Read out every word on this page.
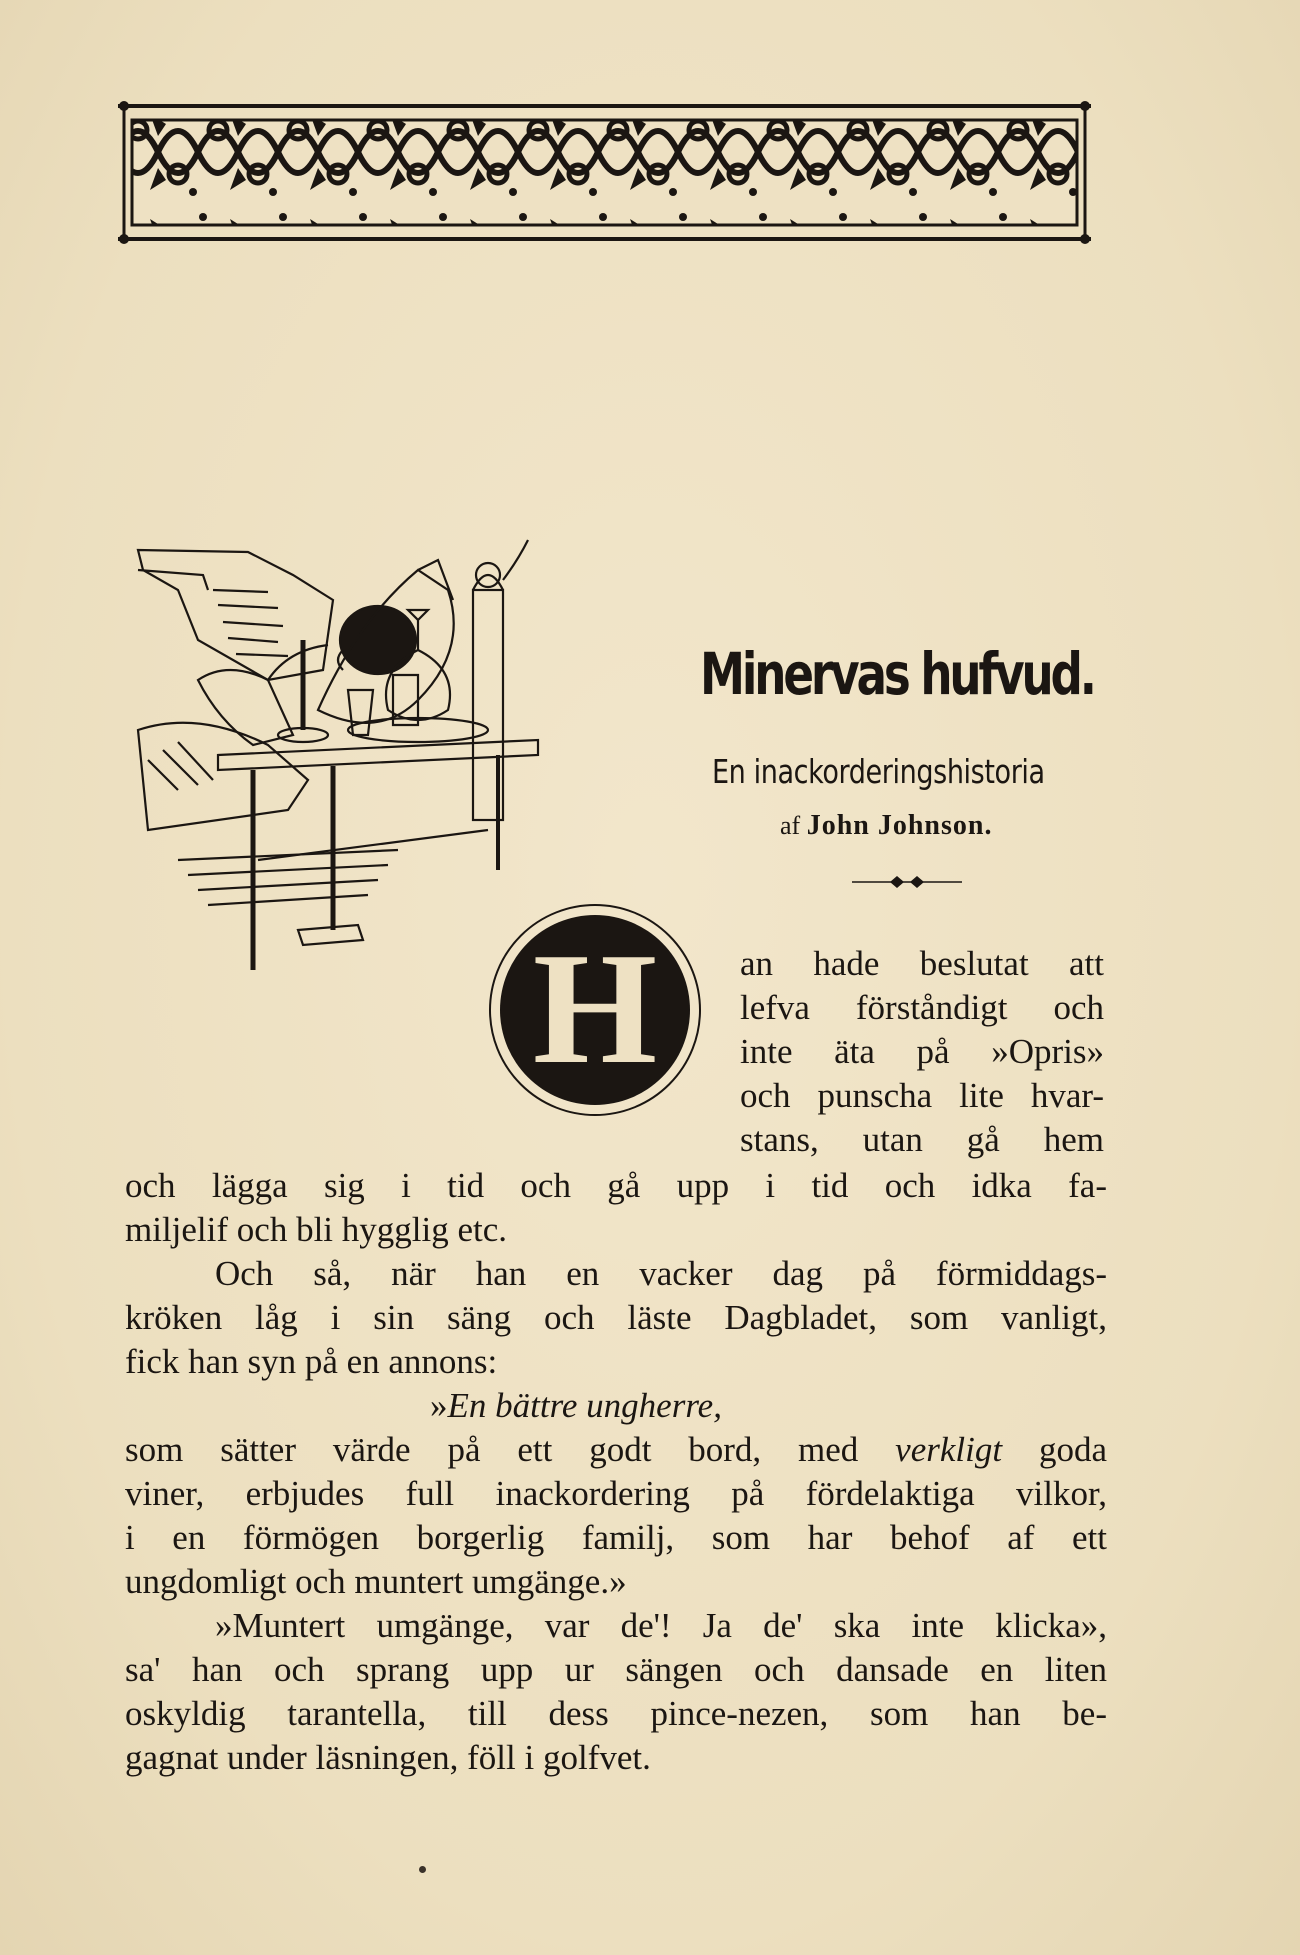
Minervas hufvud.
En inackorderingshistoria
af John Johnson.
H an hade beslutat att
lefva förståndigt och
inte äta på »Opris»
och punscha lite hvar-
stans, utan gå hem
och lägga sig i tid och gå upp i tid och idka fa-
miljelif och bli hygglig etc.
Och så, när han en vacker dag på förmiddags-
kröken låg i sin säng och läste Dagbladet, som vanligt,
fick han syn på en annons:
»En bättre ungherre,
som sätter värde på ett godt bord, med verkligt goda
viner, erbjudes full inackordering på fördelaktiga vilkor,
i en förmögen borgerlig familj, som har behof af ett
ungdomligt och muntert umgänge.»
»Muntert umgänge, var de'! Ja de' ska inte klicka»,
sa' han och sprang upp ur sängen och dansade en liten
oskyldig tarantella, till dess pince-nezen, som han be-
gagnat under läsningen, föll i golfvet.
